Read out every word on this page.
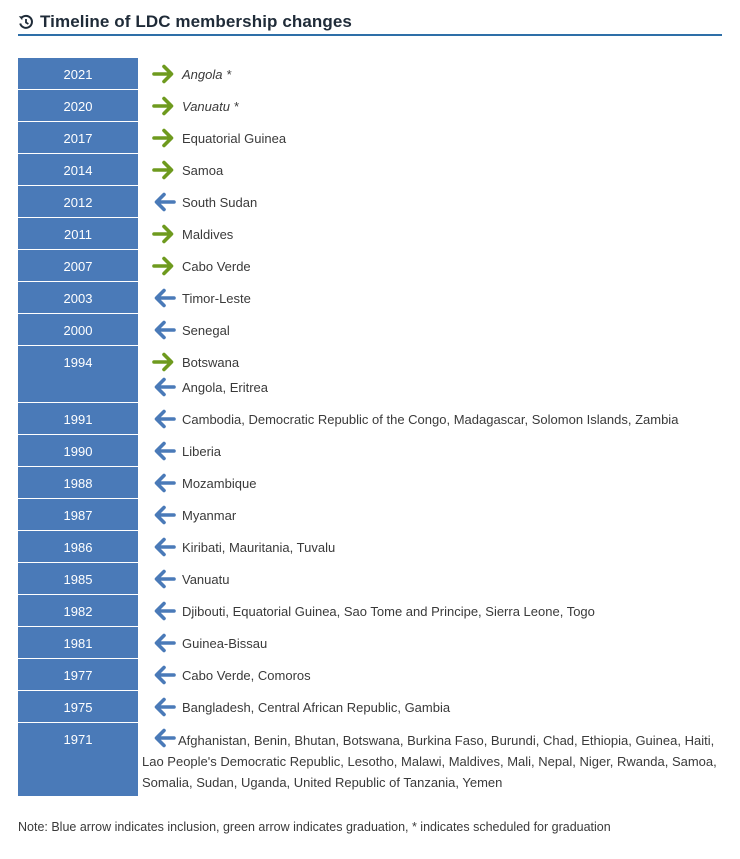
Timeline of LDC membership changes
2021	Angola *
2020	Vanuatu *
2017	Equatorial Guinea
2014	Samoa
2012	South Sudan
2011	Maldives
2007	Cabo Verde
2003	Timor-Leste
2000	Senegal
1994	Botswana
Angola, Eritrea
1991	Cambodia, Democratic Republic of the Congo, Madagascar, Solomon Islands, Zambia
1990	Liberia
1988	Mozambique
1987	Myanmar
1986	Kiribati, Mauritania, Tuvalu
1985	Vanuatu
1982	Djibouti, Equatorial Guinea, Sao Tome and Principe, Sierra Leone, Togo
1981	Guinea-Bissau
1977	Cabo Verde, Comoros
1975	Bangladesh, Central African Republic, Gambia
1971	Afghanistan, Benin, Bhutan, Botswana, Burkina Faso, Burundi, Chad, Ethiopia, Guinea, Haiti, Lao People's Democratic Republic, Lesotho, Malawi, Maldives, Mali, Nepal, Niger, Rwanda, Samoa, Somalia, Sudan, Uganda, United Republic of Tanzania, Yemen
Note: Blue arrow indicates inclusion, green arrow indicates graduation, * indicates scheduled for graduation
